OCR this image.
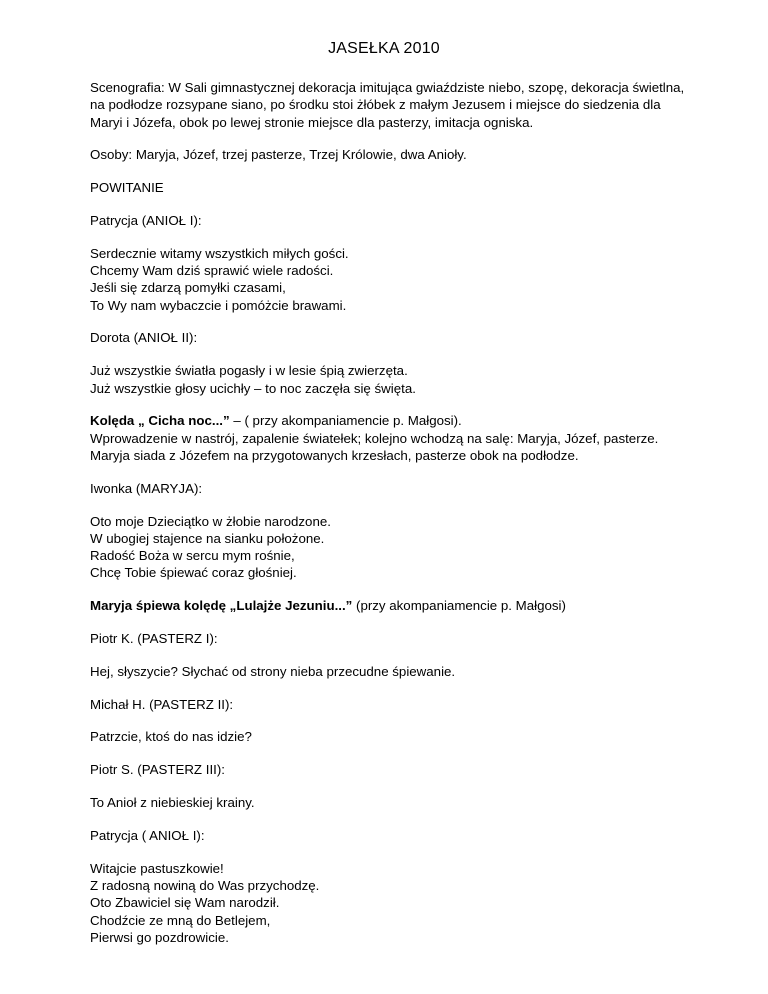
JASEŁKA 2010

Scenografia: W Sali gimnastycznej dekoracja imitująca gwiaździste niebo, szopę, dekoracja świetlna, na podłodze rozsypane siano, po środku stoi żłóbek z małym Jezusem i miejsce do siedzenia dla Maryi i Józefa, obok po lewej stronie miejsce dla pasterzy, imitacja ogniska.

Osoby: Maryja, Józef, trzej pasterze, Trzej Królowie, dwa Anioły.

POWITANIE

Patrycja (ANIOŁ I):

Serdecznie witamy wszystkich miłych gości.
Chcemy Wam dziś sprawić wiele radości.
Jeśli się zdarzą pomyłki czasami,
To Wy nam wybaczcie i pomóżcie brawami.

Dorota (ANIOŁ II):

Już wszystkie światła pogasły i w lesie śpią zwierzęta.
Już wszystkie głosy ucichły – to noc zaczęła się święta.
Kolęda „ Cicha noc...” – ( przy akompaniamencie p. Małgosi).
Wprowadzenie w nastrój, zapalenie światełek; kolejno wchodzą na salę: Maryja, Józef, pasterze.
Maryja siada z Józefem na przygotowanych krzesłach, pasterze obok na podłodze.

Iwonka (MARYJA):

Oto moje Dzieciątko w żłobie narodzone.
W ubogiej stajence na sianku położone.
Radość Boża w sercu mym rośnie,
Chcę Tobie śpiewać coraz głośniej.

Maryja śpiewa kolędę „Lulajże Jezuniu...” (przy akompaniamencie p. Małgosi)

Piotr K. (PASTERZ I):

Hej, słyszycie? Słychać od strony nieba przecudne śpiewanie.

Michał H. (PASTERZ II):

Patrzcie, ktoś do nas idzie?

Piotr S. (PASTERZ III):

To Anioł z niebieskiej krainy.

Patrycja ( ANIOŁ I):

Witajcie pastuszkowie!
Z radosną nowiną do Was przychodzę.
Oto Zbawiciel się Wam narodził.
Chodźcie ze mną do Betlejem,
Pierwsi go pozdrowicie.
